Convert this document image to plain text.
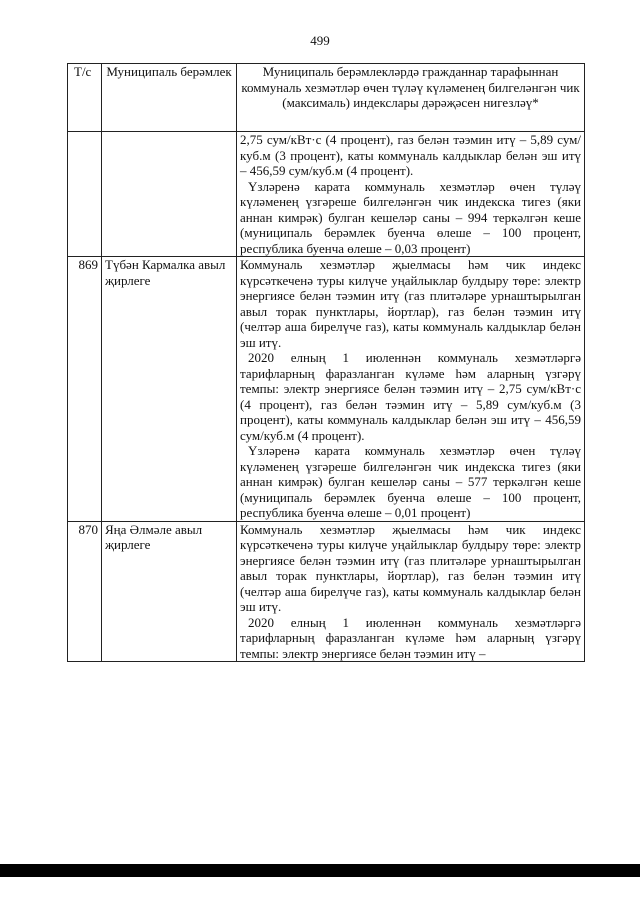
499
Т/с	Муниципаль берәмлек	Муниципаль берәмлекләрдә гражданнар тарафыннан коммуналь хезмәтләр өчен түләү күләменең билгеләнгән чик (максималь) индекслары дәрәҗәсен нигезләү*

		2,75 сум/кВт·с (4 процент), газ белән тәэмин итү – 5,89 сум/куб.м (3 процент), каты коммуналь калдыклар белән эш итү – 456,59 сум/куб.м (4 процент).

Үзләренә карата коммуналь хезмәтләр өчен түләү күләменең үзгәреше билгеләнгән чик индекска тигез (яки аннан кимрәк) булган кешеләр саны – 994 теркәлгән кеше (муниципаль берәмлек буенча өлеше – 100 процент, республика буенча өлеше – 0,03 процент)

869	Түбән Кармалка авыл җирлеге	Коммуналь хезмәтләр җыелмасы һәм чик индекс күрсәткеченә туры килүче уңайлыклар булдыру төре: электр энергиясе белән тәэмин итү (газ плитәләре урнаштырылган авыл торак пунктлары, йортлар), газ белән тәэмин итү (челтәр аша бирелүче газ), каты коммуналь калдыклар белән эш итү.

2020 елның 1 июленнән коммуналь хезмәтләргә тарифларның фаразланган күләме һәм аларның үзгәрү темпы: электр энергиясе белән тәэмин итү – 2,75 сум/кВт·с (4 процент), газ белән тәэмин итү – 5,89 сум/куб.м (3 процент), каты коммуналь калдыклар белән эш итү – 456,59 сум/куб.м (4 процент).

Үзләренә карата коммуналь хезмәтләр өчен түләү күләменең үзгәреше билгеләнгән чик индекска тигез (яки аннан кимрәк) булган кешеләр саны – 577 теркәлгән кеше (муниципаль берәмлек буенча өлеше – 100 процент, республика буенча өлеше – 0,01 процент)

870	Яңа Әлмәле авыл җирлеге	Коммуналь хезмәтләр җыелмасы һәм чик индекс күрсәткеченә туры килүче уңайлыклар булдыру төре: электр энергиясе белән тәэмин итү (газ плитәләре урнаштырылган авыл торак пунктлары, йортлар), газ белән тәэмин итү (челтәр аша бирелүче газ), каты коммуналь калдыклар белән эш итү.

2020 елның 1 июленнән коммуналь хезмәтләргә тарифларның фаразланган күләме һәм аларның үзгәрү темпы: электр энергиясе белән тәэмин итү –
